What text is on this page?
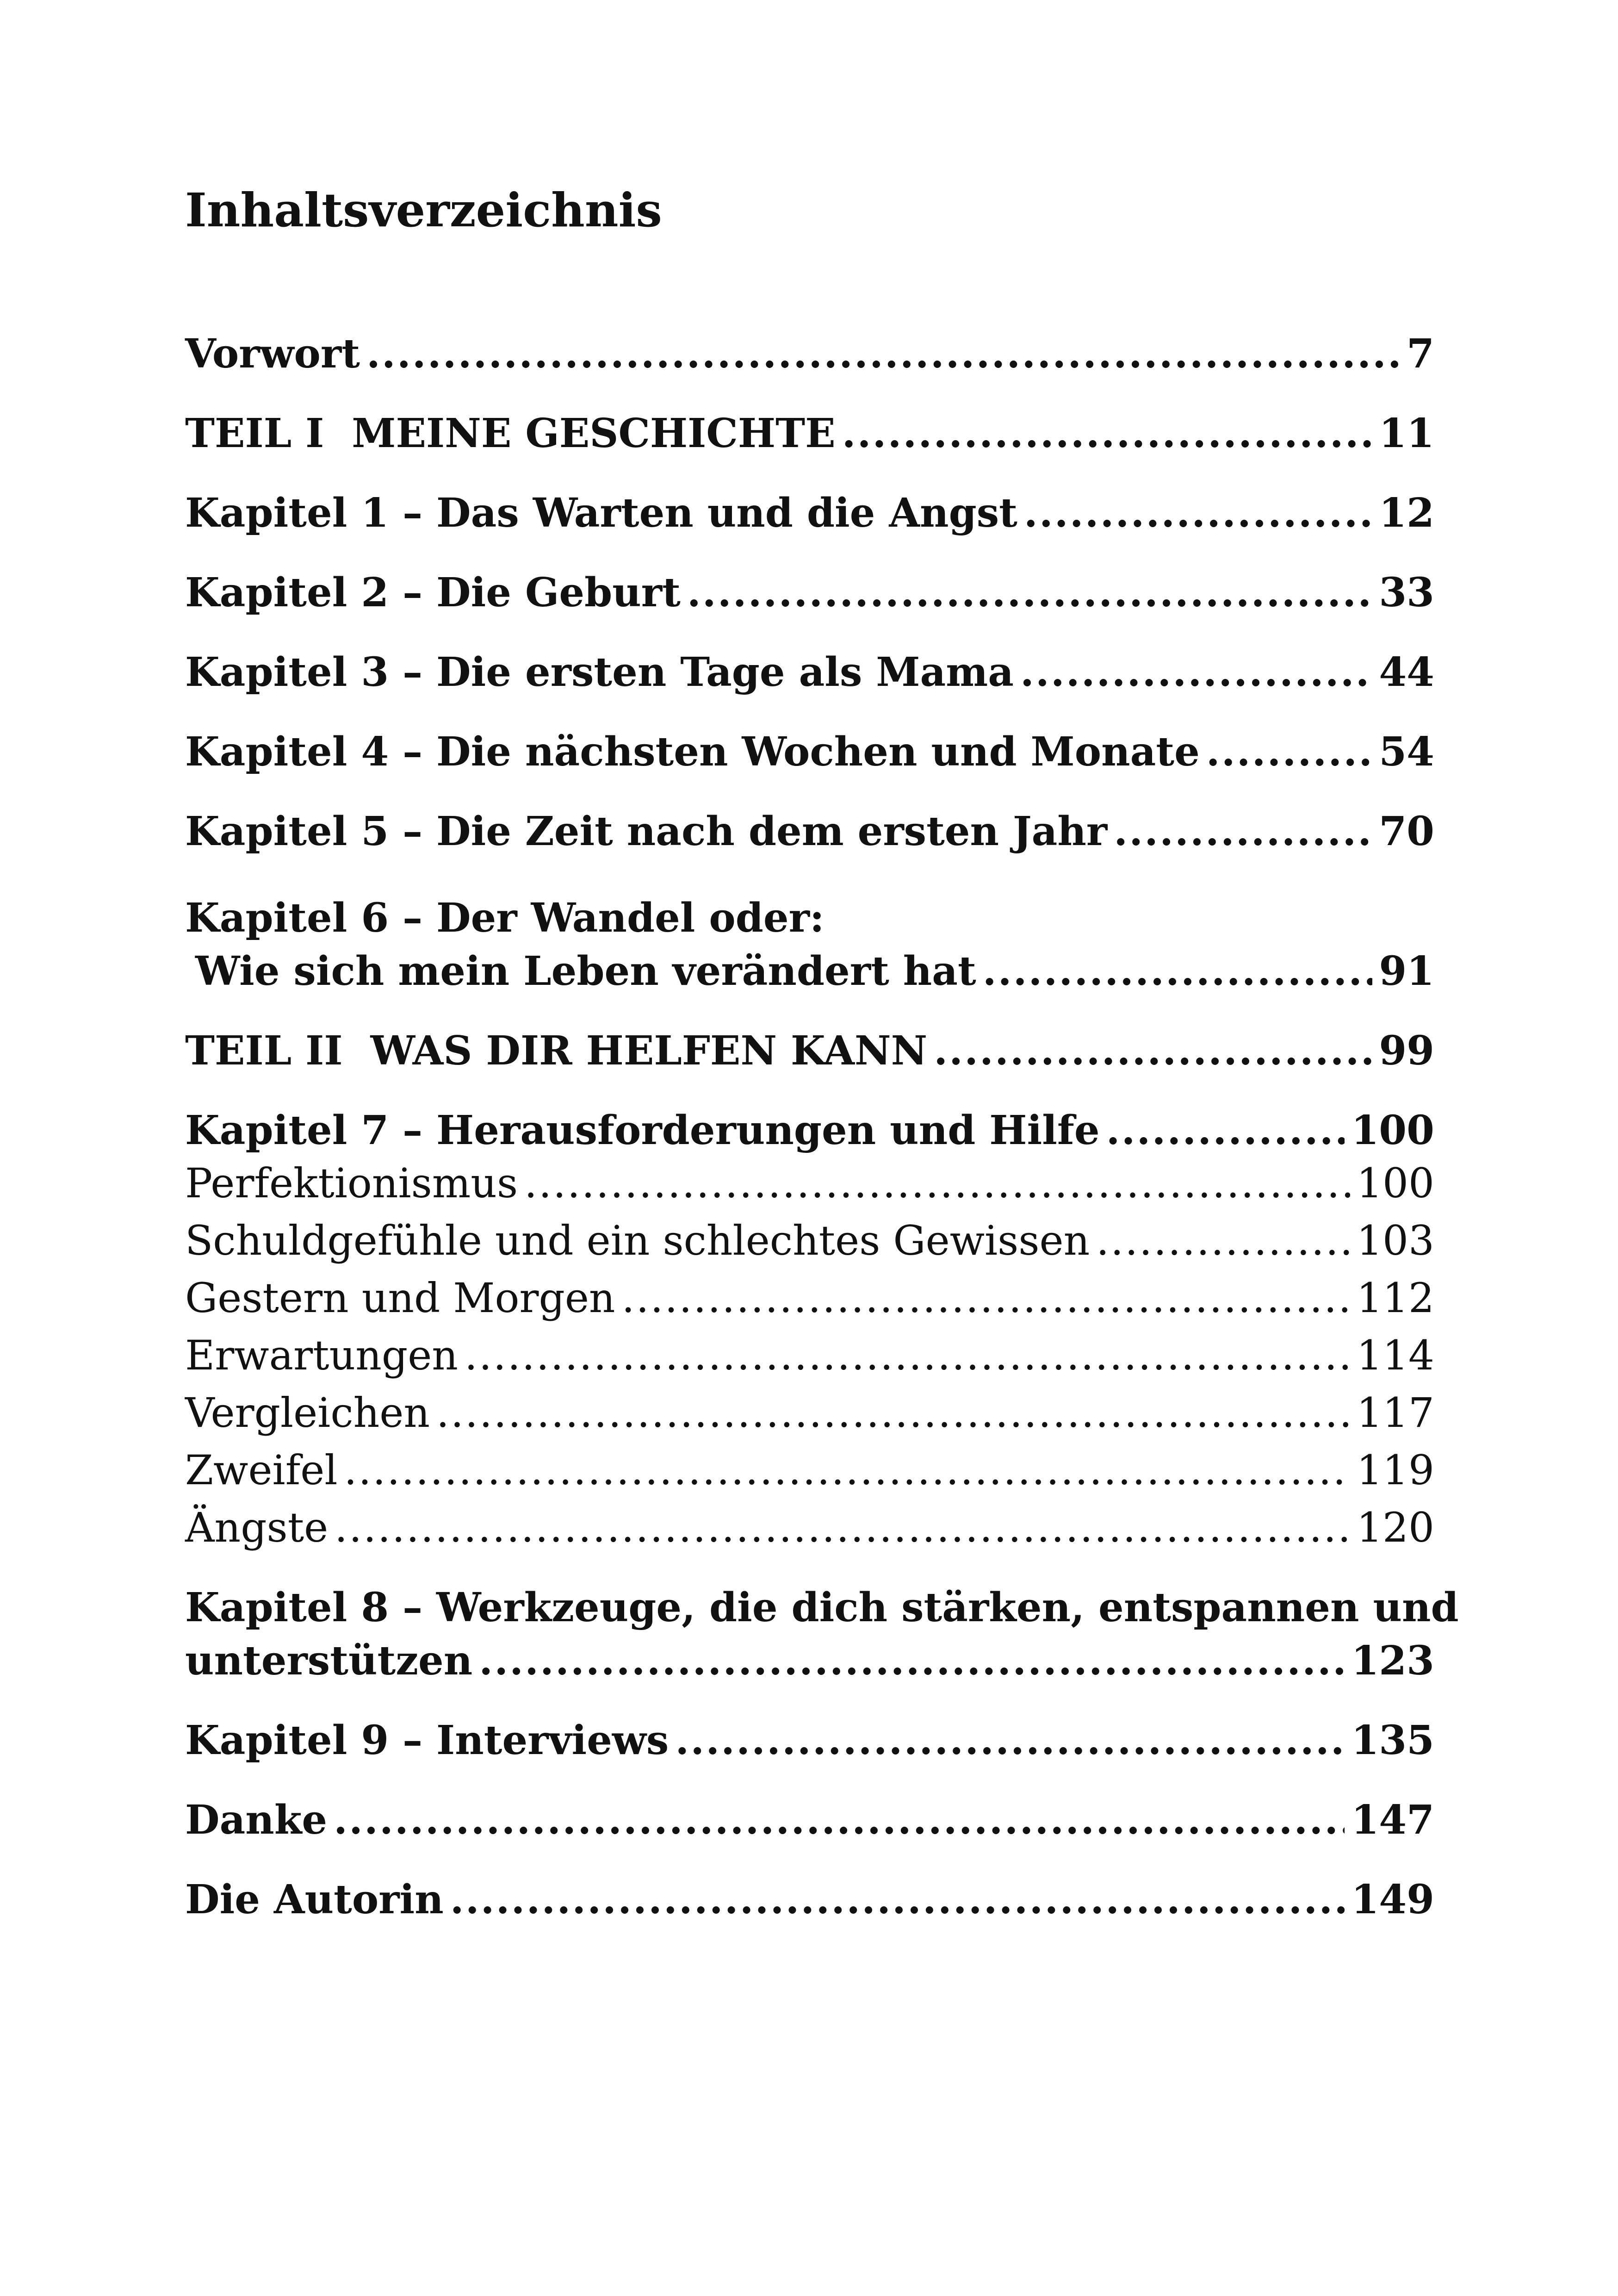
Inhaltsverzeichnis
Vorwort .....	7
TEIL I  MEINE GESCHICHTE .....	11
Kapitel 1 – Das Warten und die Angst .....	12
Kapitel 2 – Die Geburt .....	33
Kapitel 3 – Die ersten Tage als Mama .....	44
Kapitel 4 – Die nächsten Wochen und Monate .....	54
Kapitel 5 – Die Zeit nach dem ersten Jahr .....	70
Kapitel 6 – Der Wandel oder:
Wie sich mein Leben verändert hat .....	91
TEIL II  WAS DIR HELFEN KANN .....	99
Kapitel 7 – Herausforderungen und Hilfe .....	100
Perfektionismus .....	100
Schuldgefühle und ein schlechtes Gewissen .....	103
Gestern und Morgen .....	112
Erwartungen .....	114
Vergleichen .....	117
Zweifel .....	119
Ängste .....	120
Kapitel 8 – Werkzeuge, die dich stärken, entspannen und
unterstützen .....	123
Kapitel 9 – Interviews .....	135
Danke .....	147
Die Autorin .....	149
